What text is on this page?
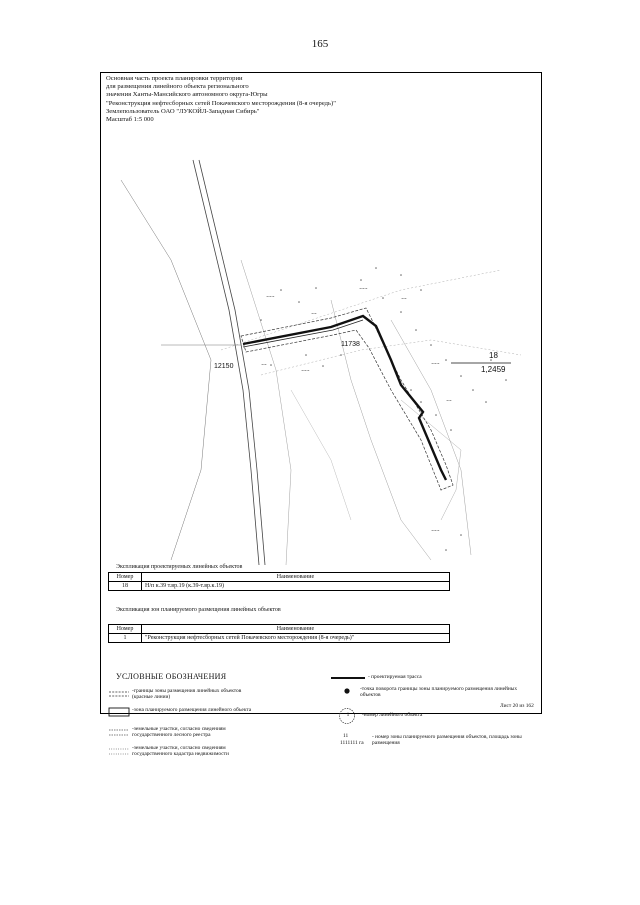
165
Основная часть проекта планировки территории
для размещения линейного объекта регионального
значения Ханты-Мансийского автономного округа-Югры
"Реконструкция нефтесборных сетей Покачевского месторождения (8-я очередь)"
Землепользователь ОАО "ЛУКОЙЛ-Западная Сибирь"
Масштаб 1:5 000
~~~
~~
~~~
~~
~~~
~~
~~~
~~
~~~
11738
12150
18
1,2459
Экспликация проектируемых линейных объектов
Номер	Наименование
18	Н/п к.39 т.вр.19 (к.39-т.вр.к.19)
Экспликация зон планируемого размещения линейных объектов
Номер	Наименование
1	"Реконструкция нефтесборных сетей Покачевского месторождения (8-я очередь)"
УСЛОВНЫЕ ОБОЗНАЧЕНИЯ
-границы зоны размещения линейных объектов (красные линии)
-зона планируемого размещения линейного объекта
-земельные участки, согласно сведениям государственного лесного реестра
-земельные участки, согласно сведениям государственного кадастра недвижимости
- проектируемая трасса
-точка поворота границы зоны планируемого размещения линейных объектов
1	-номер линейного объекта
11
1111111 га
- номер зоны планируемого размещения объектов, площадь зоны размещения
Лист 20 из 162
